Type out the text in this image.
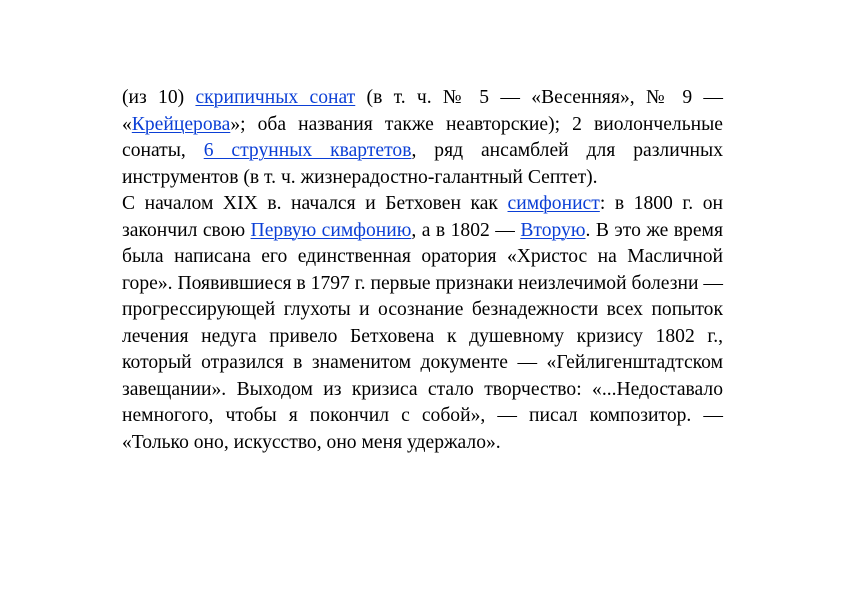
(из 10) скрипичных сонат (в т. ч. № 5 — «Весенняя», № 9 — «Крейцерова»; оба названия также неавторские); 2 виолончельные сонаты, 6 струнных квартетов, ряд ансамблей для различных инструментов (в т. ч. жизнерадостно-галантный Септет).

С началом XIX в. начался и Бетховен как симфонист: в 1800 г. он закончил свою Первую симфонию, а в 1802 — Вторую. В это же время была написана его единственная оратория «Христос на Масличной горе». Появившиеся в 1797 г. первые признаки неизлечимой болезни — прогрессирующей глухоты и осознание безнадежности всех попыток лечения недуга привело Бетховена к душевному кризису 1802 г., который отразился в знаменитом документе — «Гейлигенштадтском завещании». Выходом из кризиса стало творчество: «...Недоставало немногого, чтобы я покончил с собой», — писал композитор. — «Только оно, искусство, оно меня удержало».
